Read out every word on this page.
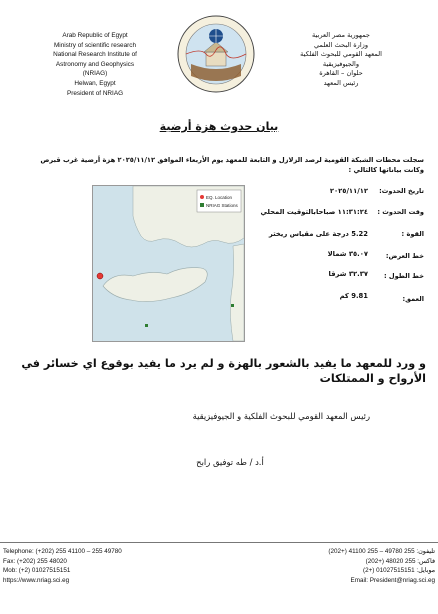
Arab Republic of Egypt
Ministry of scientific research
National Research Institute of
Astronomy and Geophysics
(NRIAG)
Helwan, Egypt
President of NRIAG
جمهورية مصر العربية
وزارة البحث العلمي
المعهد القومي للبحوث الفلكية
والجيوفيزيقية
حلوان – القاهرة
رئيس المعهد
بيان حدوث هزة أرضية
سجلت محطات الشبكة القومية لرصد الزلازل و التابعة للمعهد يوم الأربعاء الموافق ٢٠٢٥/١١/١٢ هزة أرضية غرب قبرص وكانت بياناتها كالتالي :
تاريخ الحدوث:
٢٠٢٥/١١/١٢
وقت الحدوث :
١١:٣١:٢٤ صباحابالتوقيت المحلي
القوة :
5.22 درجة على مقياس ريختر
خط العرض:
٣٥.٠٧ شمالا
خط الطول :
٣٢.٣٧ شرقا
العمق:
9.81 كم
EQ. Location
NRIAG Stations
و ورد للمعهد ما يفيد بالشعور بالهزة و لم يرد ما يفيد بوقوع اي خسائر في الأرواح و الممتلكات
رئيس المعهد القومي للبحوث الفلكية و الجيوفيزيقية
أ.د / طه توفيق رابح
Telephone: (+202) 255 41100 – 255 49780
Fax: (+202) 255 48020
Mob: (+2) 01027515151
https://www.nriag.sci.eg
تليفون: 255 49780 – 255 41100 (+202)
فاكس: 255 48020 (+202)
موبايل: 01027515151 (+2)
Email: President@nriag.sci.eg
